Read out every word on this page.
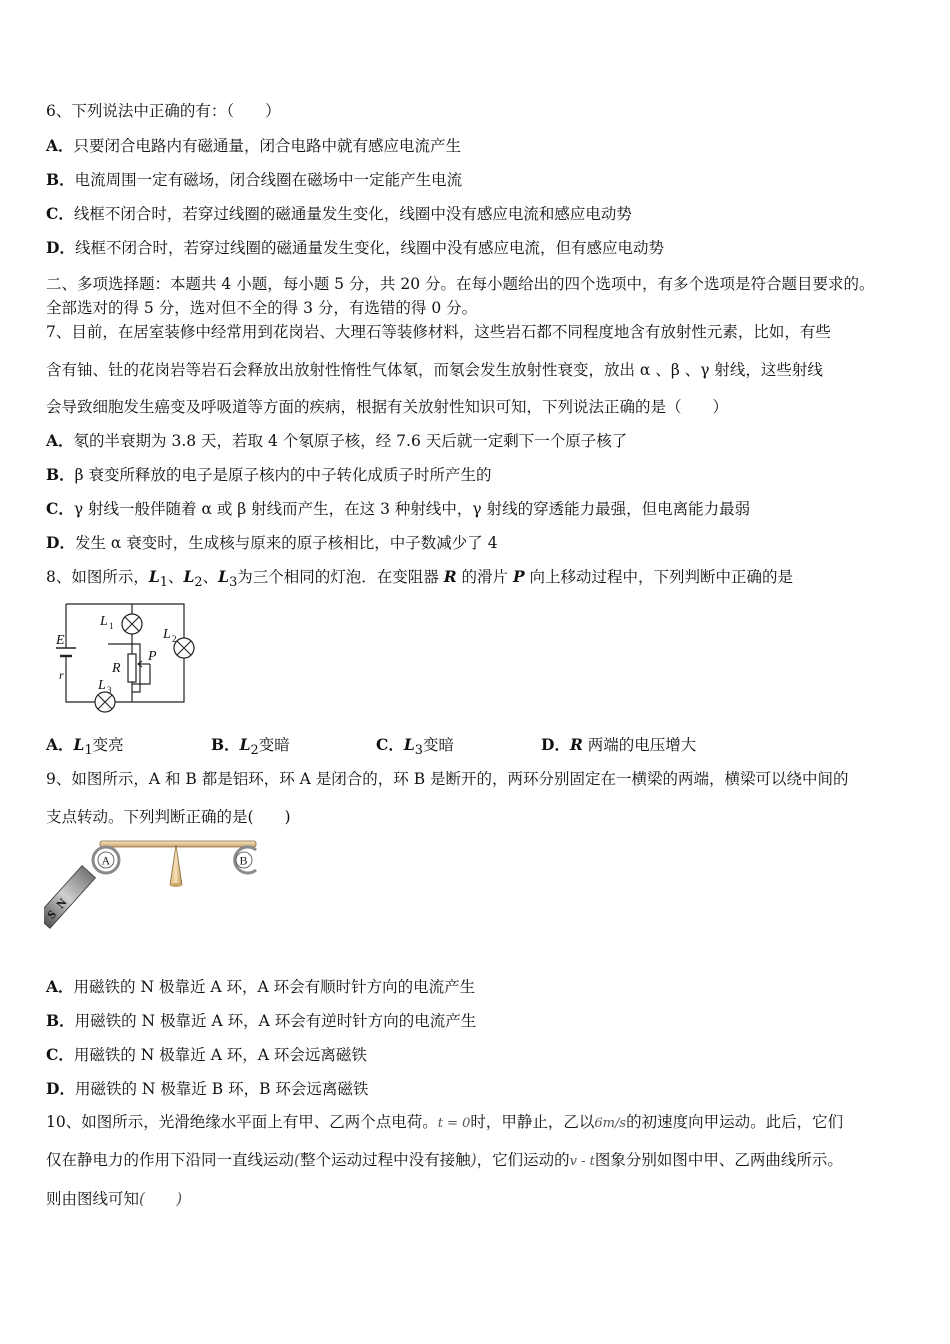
6、下列说法中正确的有：（　　）
A．只要闭合电路内有磁通量，闭合电路中就有感应电流产生
B．电流周围一定有磁场，闭合线圈在磁场中一定能产生电流
C．线框不闭合时，若穿过线圈的磁通量发生变化，线圈中没有感应电流和感应电动势
D．线框不闭合时，若穿过线圈的磁通量发生变化，线圈中没有感应电流，但有感应电动势
二、多项选择题：本题共 4 小题，每小题 5 分，共 20 分。在每小题给出的四个选项中，有多个选项是符合题目要求的。
全部选对的得 5 分，选对但不全的得 3 分，有选错的得 0 分。
7、目前，在居室装修中经常用到花岗岩、大理石等装修材料，这些岩石都不同程度地含有放射性元素，比如，有些
含有铀、钍的花岗岩等岩石会释放出放射性惰性气体氡，而氡会发生放射性衰变，放出 α 、β 、γ 射线，这些射线
会导致细胞发生癌变及呼吸道等方面的疾病，根据有关放射性知识可知，下列说法正确的是（　　）
A．氡的半衰期为 3.8 天，若取 4 个氡原子核，经 7.6 天后就一定剩下一个原子核了
B．β 衰变所释放的电子是原子核内的中子转化成质子时所产生的
C．γ 射线一般伴随着 α 或 β 射线而产生，在这 3 种射线中，γ 射线的穿透能力最强，但电离能力最弱
D．发生 α 衰变时，生成核与原来的原子核相比，中子数减少了 4
8、如图所示，$L_1$、$L_2$、$L_3$为三个相同的灯泡．在变阻器 R 的滑片 P 向上移动过程中，下列判断中正确的是
E
r
L 1
L 2
L 3
R
P
A．$L_1$变亮	B．$L_2$变暗	C．$L_3$变暗	D．R 两端的电压增大
9、如图所示，A 和 B 都是铝环，环 A 是闭合的，环 B 是断开的，两环分别固定在一横梁的两端，横梁可以绕中间的
支点转动。下列判断正确的是(　　)
A	B
S
N
A．用磁铁的 N 极靠近 A 环，A 环会有顺时针方向的电流产生
B．用磁铁的 N 极靠近 A 环，A 环会有逆时针方向的电流产生
C．用磁铁的 N 极靠近 A 环，A 环会远离磁铁
D．用磁铁的 N 极靠近 B 环，B 环会远离磁铁
10、如图所示，光滑绝缘水平面上有甲、乙两个点电荷。t = 0时，甲静止，乙以6m/s的初速度向甲运动。此后，它们
仅在静电力的作用下沿同一直线运动(整个运动过程中没有接触)，它们运动的v - t图象分别如图中甲、乙两曲线所示。
则由图线可知(　　)
